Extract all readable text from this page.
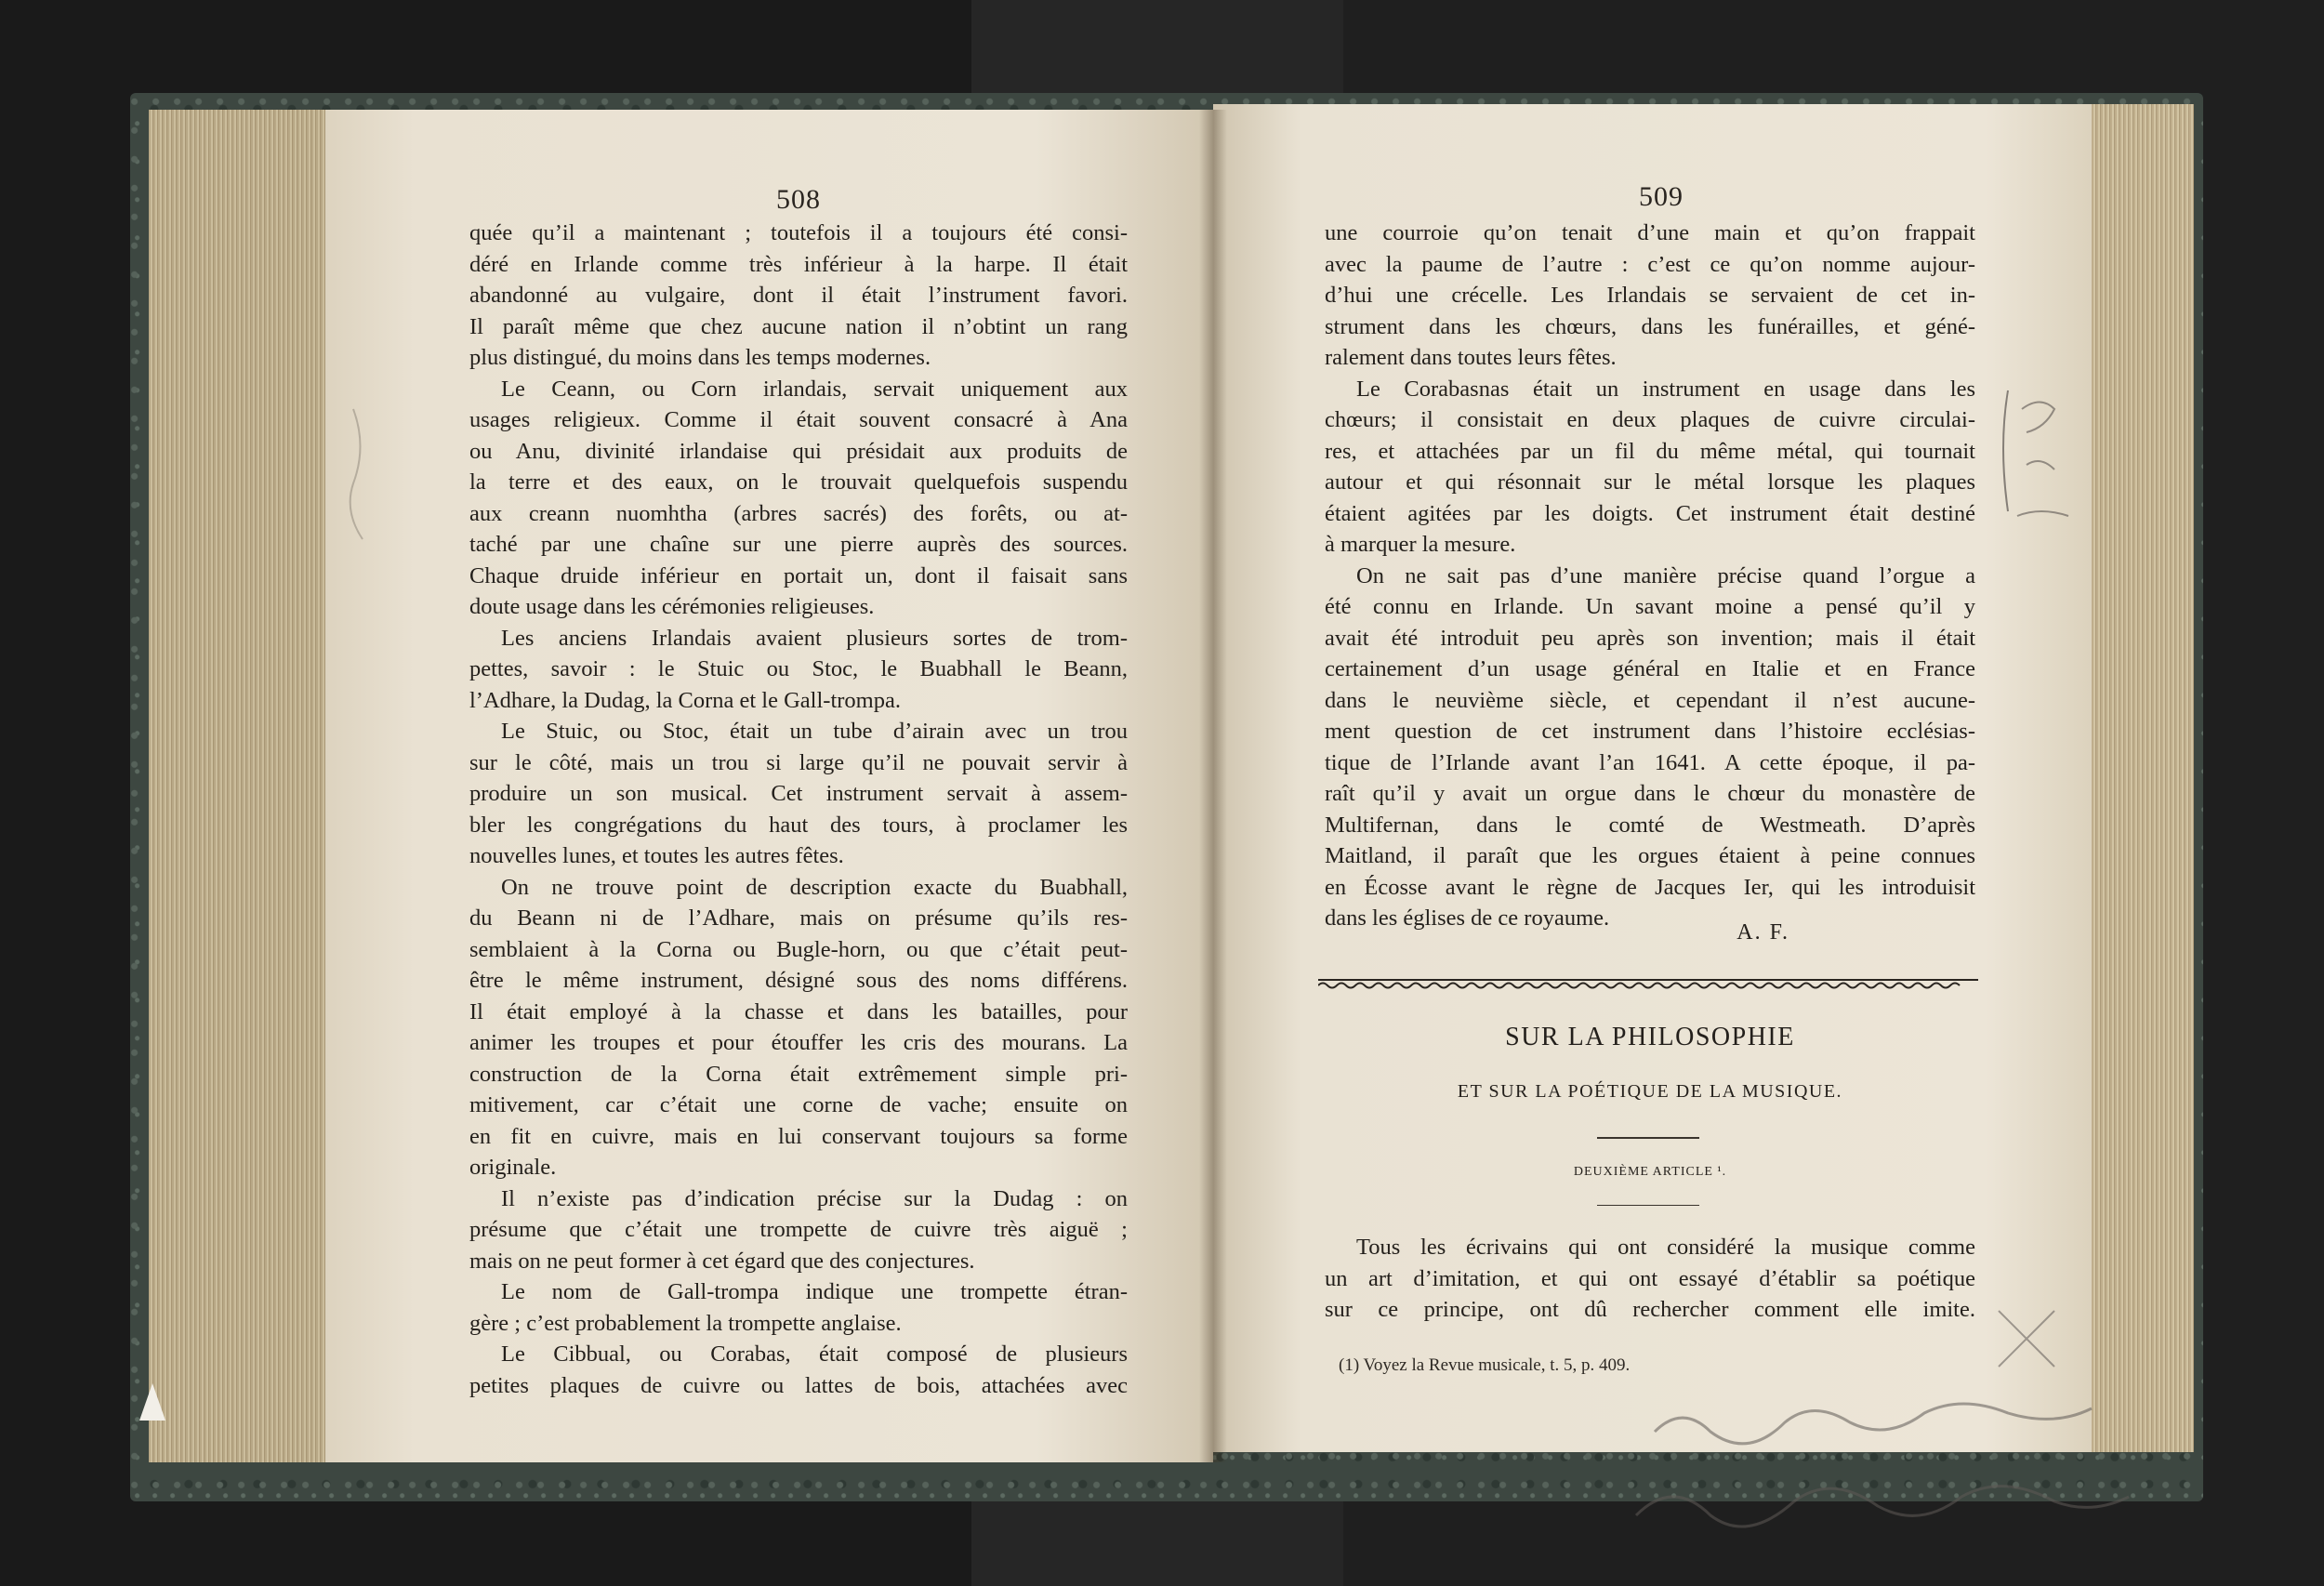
508

quée qu’il a maintenant ; toutefois il a toujours été consi-

déré en Irlande comme très inférieur à la harpe. Il était

abandonné au vulgaire, dont il était l’instrument favori.

Il paraît même que chez aucune nation il n’obtint un rang

plus distingué, du moins dans les temps modernes.

Le Ceann, ou Corn irlandais, servait uniquement aux

usages religieux. Comme il était souvent consacré à Ana

ou Anu, divinité irlandaise qui présidait aux produits de

la terre et des eaux, on le trouvait quelquefois suspendu

aux creann nuomhtha (arbres sacrés) des forêts, ou at-

taché par une chaîne sur une pierre auprès des sources.

Chaque druide inférieur en portait un, dont il faisait sans

doute usage dans les cérémonies religieuses.

Les anciens Irlandais avaient plusieurs sortes de trom-

pettes, savoir : le Stuic ou Stoc, le Buabhall le Beann,

l’Adhare, la Dudag, la Corna et le Gall-trompa.

Le Stuic, ou Stoc, était un tube d’airain avec un trou

sur le côté, mais un trou si large qu’il ne pouvait servir à

produire un son musical. Cet instrument servait à assem-

bler les congrégations du haut des tours, à proclamer les

nouvelles lunes, et toutes les autres fêtes.

On ne trouve point de description exacte du Buabhall,

du Beann ni de l’Adhare, mais on présume qu’ils res-

semblaient à la Corna ou Bugle-horn, ou que c’était peut-

être le même instrument, désigné sous des noms différens.

Il était employé à la chasse et dans les batailles, pour

animer les troupes et pour étouffer les cris des mourans. La

construction de la Corna était extrêmement simple pri-

mitivement, car c’était une corne de vache; ensuite on

en fit en cuivre, mais en lui conservant toujours sa forme

originale.

Il n’existe pas d’indication précise sur la Dudag : on

présume que c’était une trompette de cuivre très aiguë ;

mais on ne peut former à cet égard que des conjectures.

Le nom de Gall-trompa indique une trompette étran-

gère ; c’est probablement la trompette anglaise.

Le Cibbual, ou Corabas, était composé de plusieurs

petites plaques de cuivre ou lattes de bois, attachées avec

509

une courroie qu’on tenait d’une main et qu’on frappait

avec la paume de l’autre : c’est ce qu’on nomme aujour-

d’hui une crécelle. Les Irlandais se servaient de cet in-

strument dans les chœurs, dans les funérailles, et géné-

ralement dans toutes leurs fêtes.

Le Corabasnas était un instrument en usage dans les

chœurs; il consistait en deux plaques de cuivre circulai-

res, et attachées par un fil du même métal, qui tournait

autour et qui résonnait sur le métal lorsque les plaques

étaient agitées par les doigts. Cet instrument était destiné

à marquer la mesure.

On ne sait pas d’une manière précise quand l’orgue a

été connu en Irlande. Un savant moine a pensé qu’il y

avait été introduit peu après son invention; mais il était

certainement d’un usage général en Italie et en France

dans le neuvième siècle, et cependant il n’est aucune-

ment question de cet instrument dans l’histoire ecclésias-

tique de l’Irlande avant l’an 1641. A cette époque, il pa-

raît qu’il y avait un orgue dans le chœur du monastère de

Multifernan, dans le comté de Westmeath. D’après

Maitland, il paraît que les orgues étaient à peine connues

en Écosse avant le règne de Jacques Ier, qui les introduisit

dans les églises de ce royaume.

A. F.
SUR LA PHILOSOPHIE
ET SUR LA POÉTIQUE DE LA MUSIQUE.
DEUXIÈME ARTICLE ¹.

Tous les écrivains qui ont considéré la musique comme

un art d’imitation, et qui ont essayé d’établir sa poétique

sur ce principe, ont dû rechercher comment elle imite.

(1) Voyez la Revue musicale, t. 5, p. 409.
